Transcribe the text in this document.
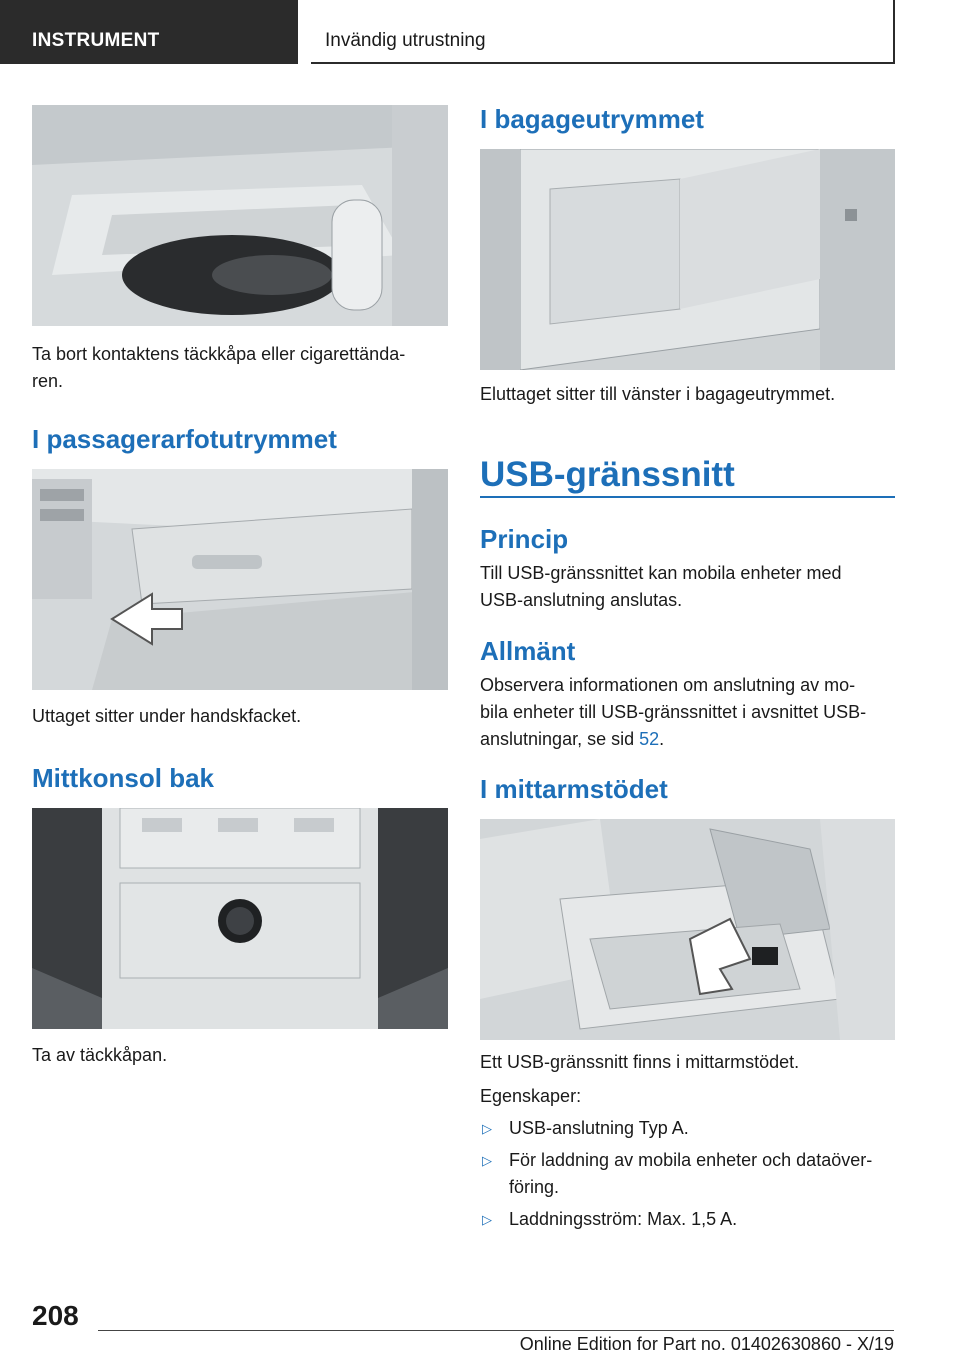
INSTRUMENT	Invändig utrustning
Ta bort kontaktens täckkåpa eller cigarettända-
ren.
I passagerarfotutrymmet
Uttaget sitter under handskfacket.
Mittkonsol bak
Ta av täckkåpan.
I bagageutrymmet
Eluttaget sitter till vänster i bagageutrymmet.
USB-gränssnitt
Princip
Till USB-gränssnittet kan mobila enheter med
USB-anslutning anslutas.
Allmänt
Observera informationen om anslutning av mo-
bila enheter till USB-gränssnittet i avsnittet USB-
anslutningar, se sid 52.
I mittarmstödet
Ett USB-gränssnitt finns i mittarmstödet.
Egenskaper:
▷ USB-anslutning Typ A.
▷ För laddning av mobila enheter och dataöver-
föring.
▷ Laddningsström: Max. 1,5 A.
208
Online Edition for Part no. 01402630860 - X/19
